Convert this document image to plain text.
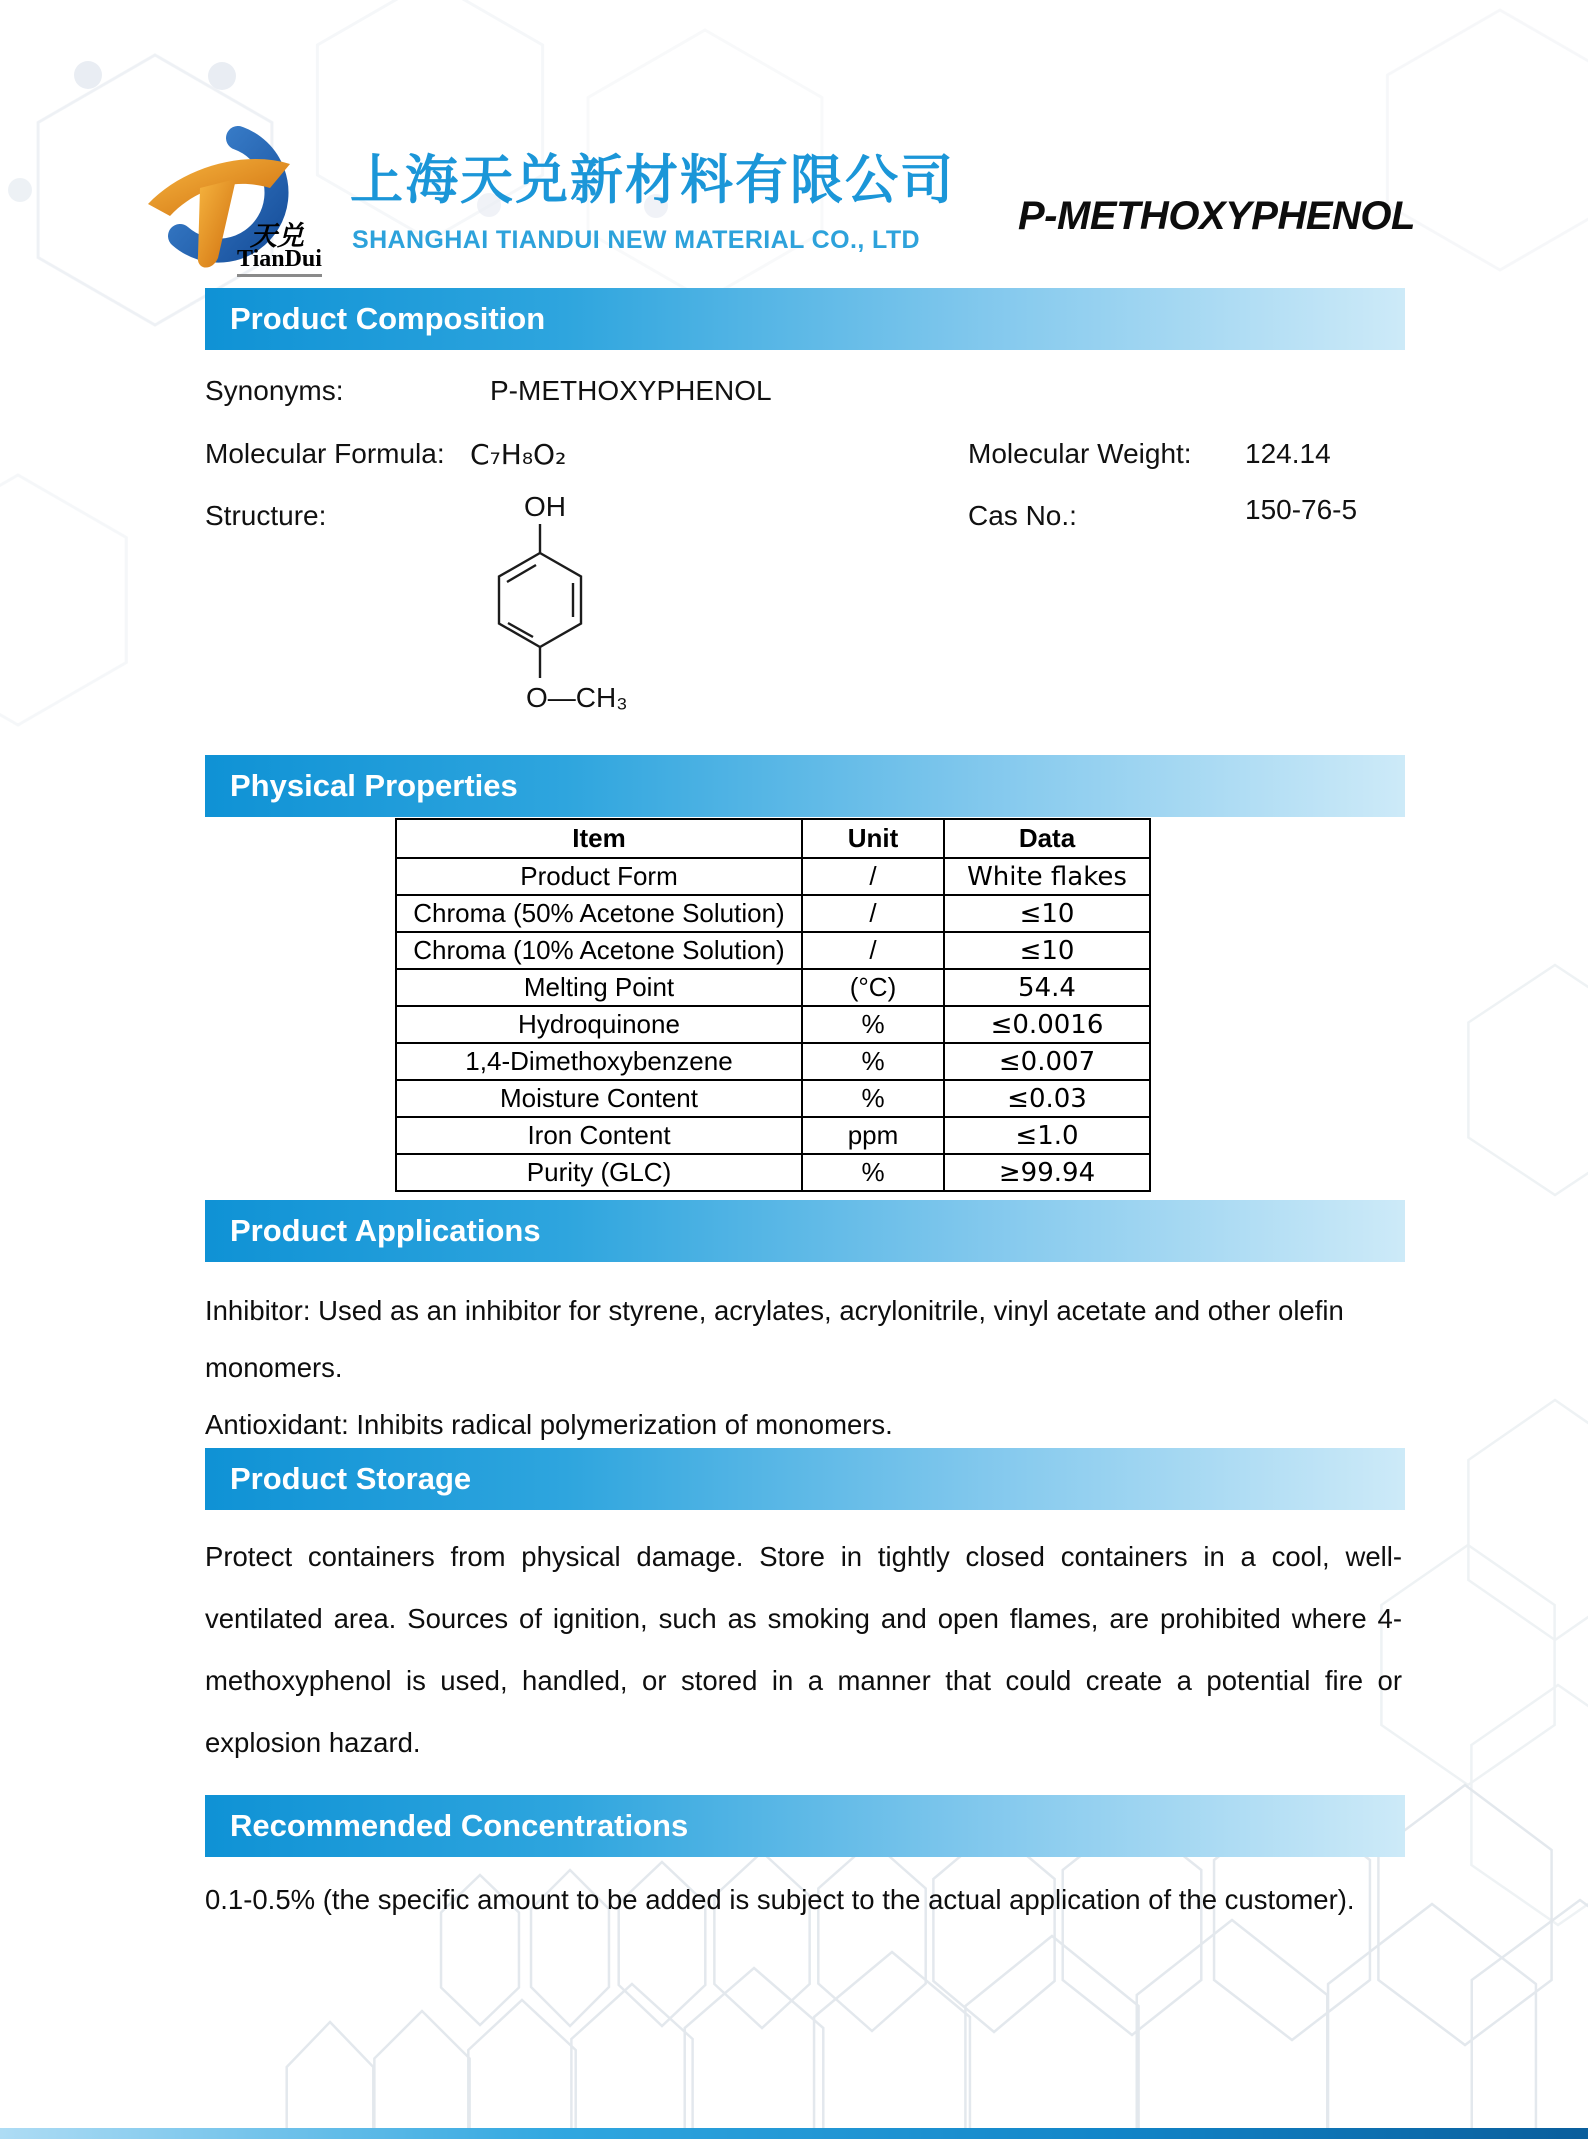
天兑
TianDui
上海天兑新材料有限公司
SHANGHAI TIANDUI NEW MATERIAL CO., LTD
P-METHOXYPHENOL
Product Composition
Synonyms:	P-METHOXYPHENOL
Molecular Formula: C₇H₈O₂	Molecular Weight: 124.14
Structure:	Cas No.:	150-76-5
OH
O—CH₃
Physical Properties
Item	Unit	Data
Product Form	/	White flakes
Chroma (50% Acetone Solution)	/	≤10
Chroma (10% Acetone Solution)	/	≤10
Melting Point	(°C)	54.4
Hydroquinone	%	≤0.0016
1,4-Dimethoxybenzene	%	≤0.007
Moisture Content	%	≤0.03
Iron Content	ppm	≤1.0
Purity (GLC)	%	≥99.94
Product Applications

Inhibitor: Used as an inhibitor for styrene, acrylates, acrylonitrile, vinyl acetate and other olefin monomers.

Antioxidant: Inhibits radical polymerization of monomers.

Product Storage

Protect containers from physical damage. Store in tightly closed containers in a cool, well-ventilated area. Sources of ignition, such as smoking and open flames, are prohibited where 4-methoxyphenol is used, handled, or stored in a manner that could create a potential fire or explosion hazard.

Recommended Concentrations

0.1-0.5% (the specific amount to be added is subject to the actual application of the customer).
